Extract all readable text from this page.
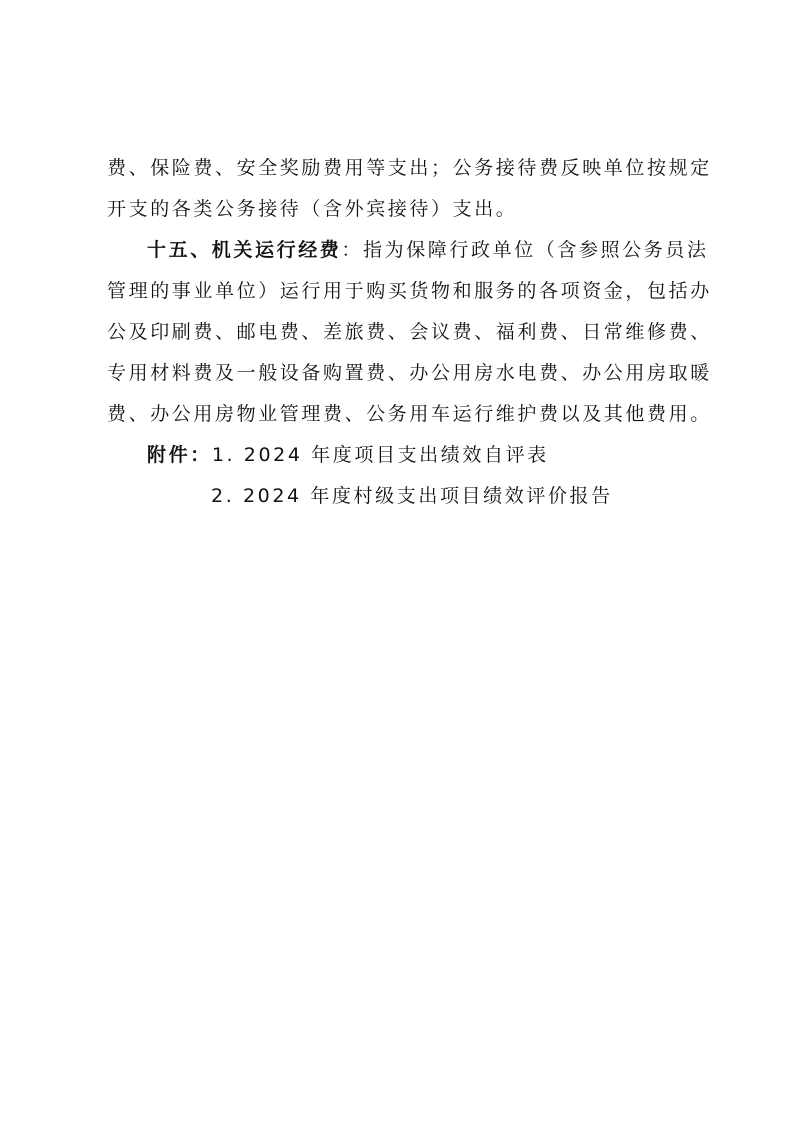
费、保险费、安全奖励费用等支出；公务接待费反映单位按规定
开支的各类公务接待（含外宾接待）支出。
十五、机关运行经费：指为保障行政单位（含参照公务员法
管理的事业单位）运行用于购买货物和服务的各项资金，包括办
公及印刷费、邮电费、差旅费、会议费、福利费、日常维修费、
专用材料费及一般设备购置费、办公用房水电费、办公用房取暖
费、办公用房物业管理费、公务用车运行维护费以及其他费用。
附件：1. 2024 年度项目支出绩效自评表
2. 2024 年度村级支出项目绩效评价报告
